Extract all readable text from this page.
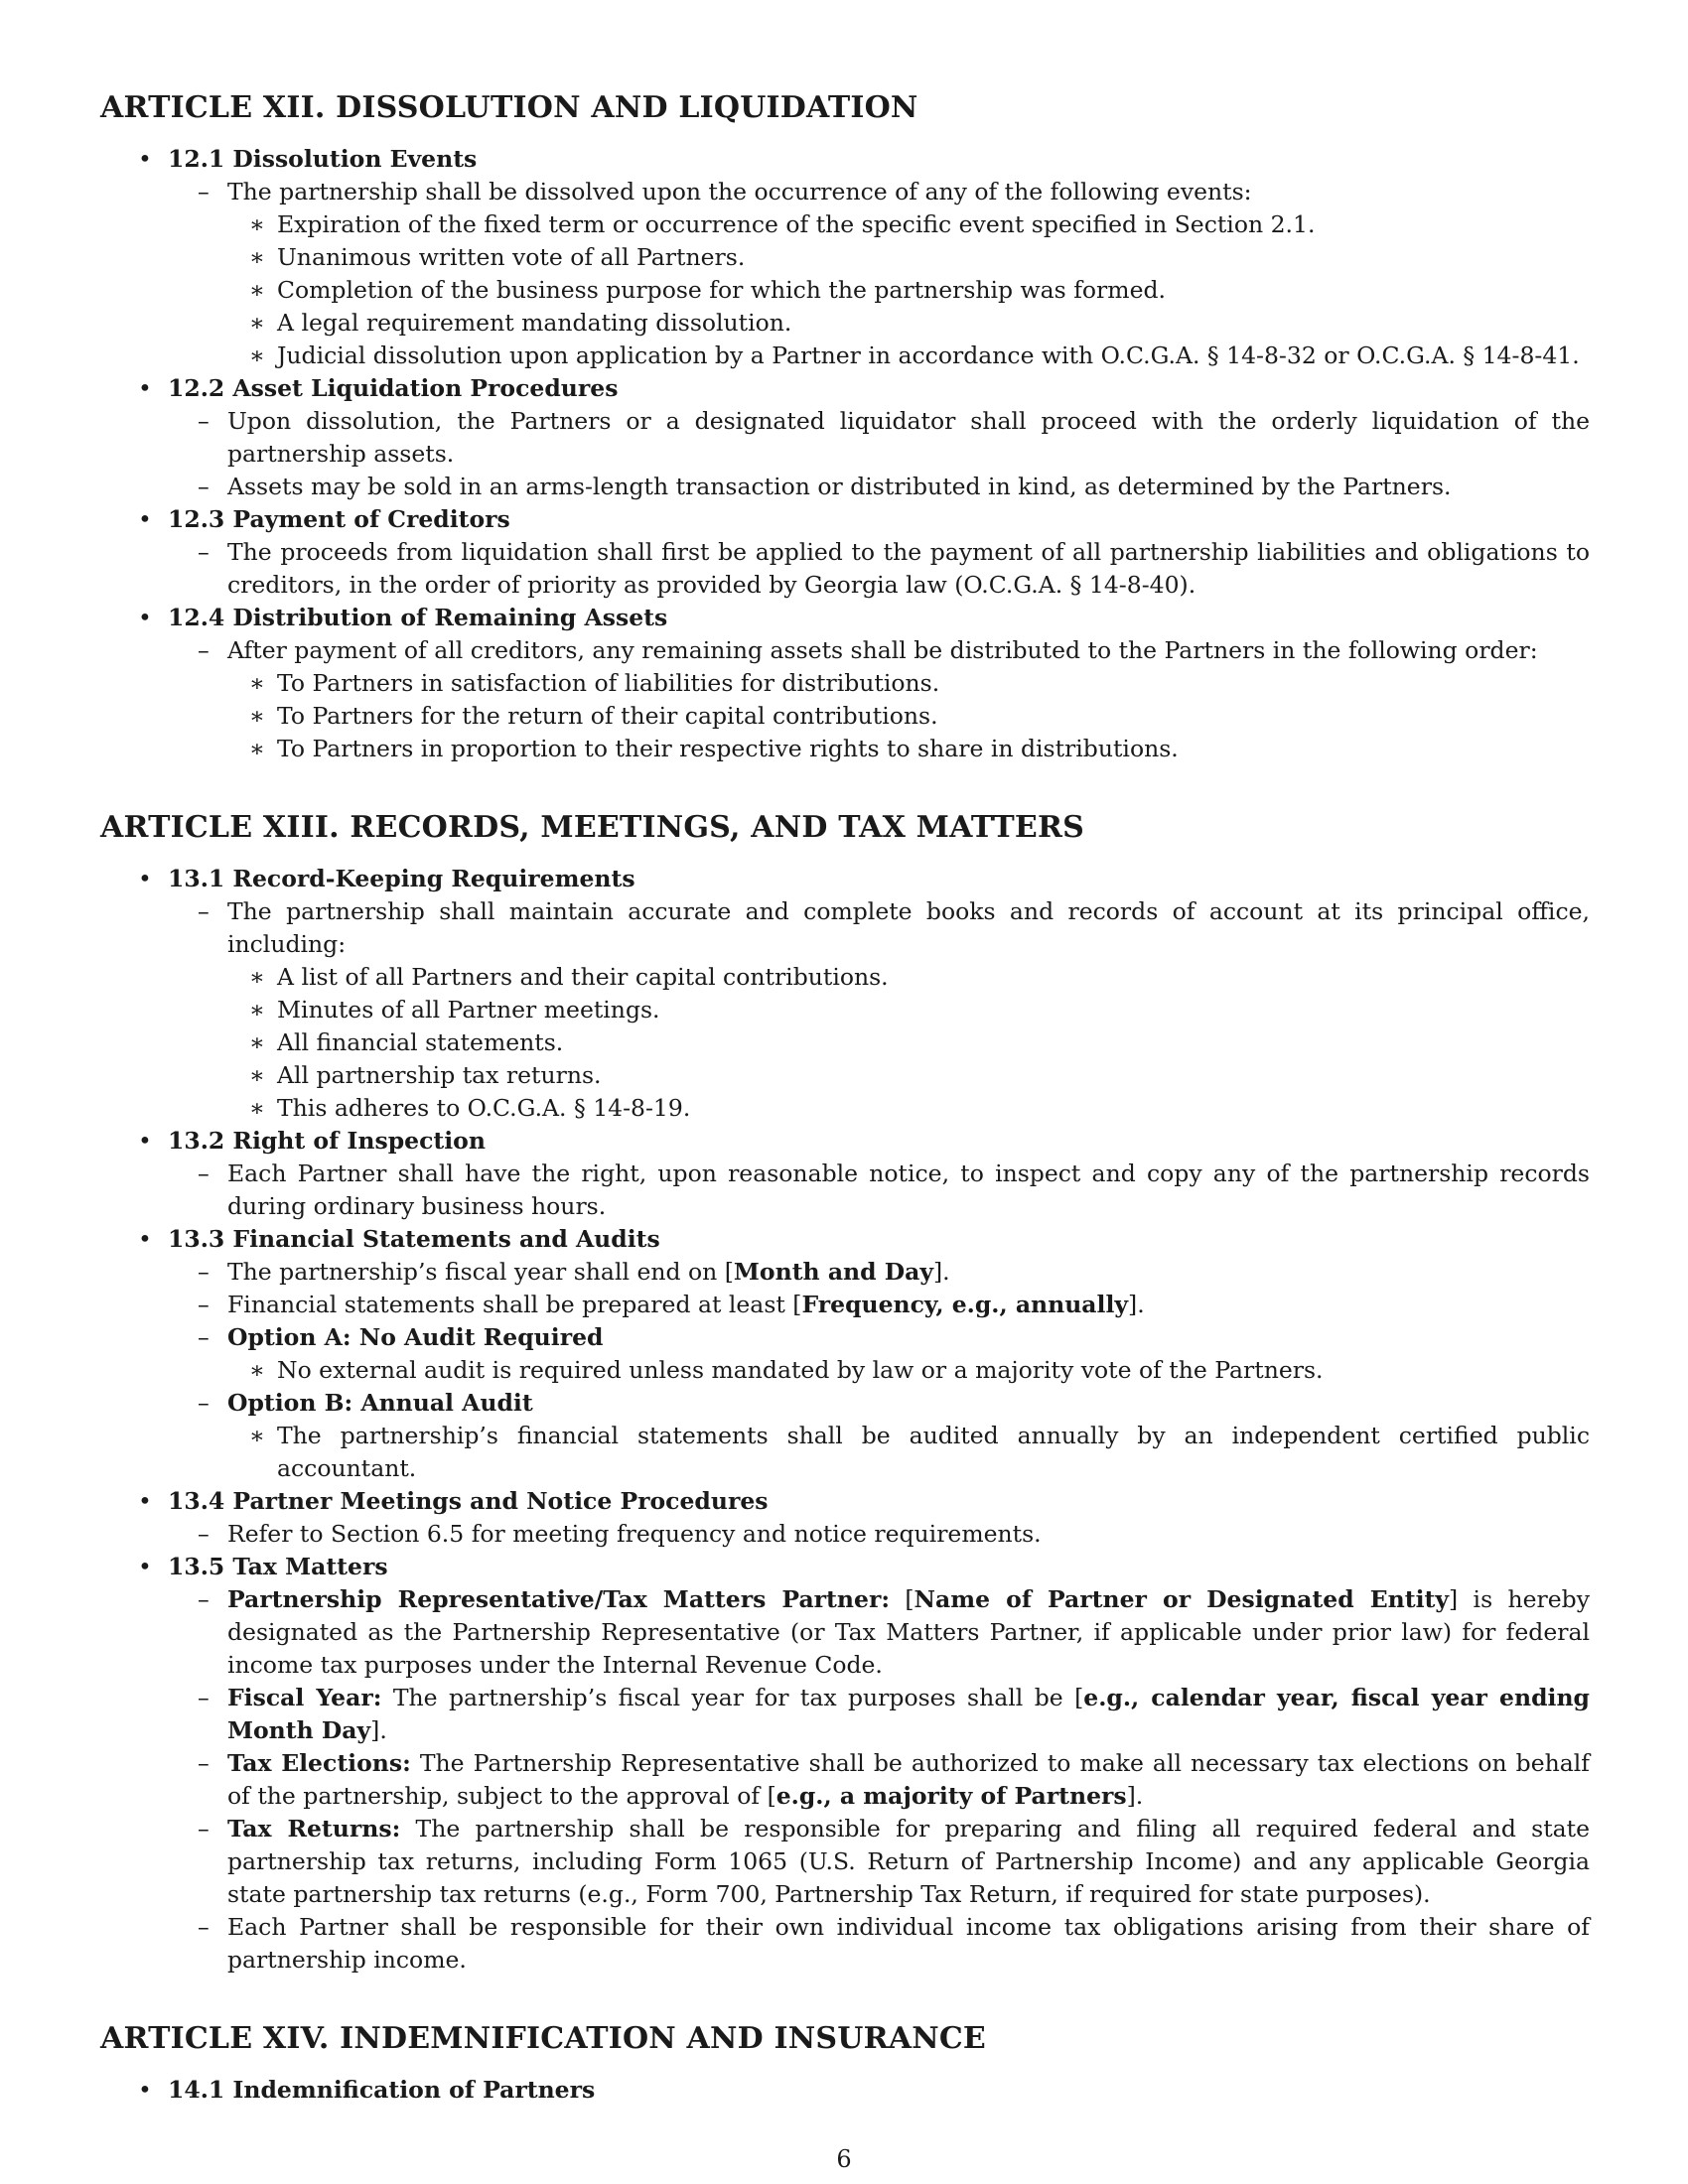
ARTICLE XII. DISSOLUTION AND LIQUIDATION
• 12.1 Dissolution Events
– The partnership shall be dissolved upon the occurrence of any of the following events:
∗ Expiration of the fixed term or occurrence of the specific event specified in Section 2.1.
∗ Unanimous written vote of all Partners.
∗ Completion of the business purpose for which the partnership was formed.
∗ A legal requirement mandating dissolution.
∗ Judicial dissolution upon application by a Partner in accordance with O.C.G.A. § 14-8-32 or O.C.G.A. § 14-8-41.
• 12.2 Asset Liquidation Procedures
– Upon dissolution, the Partners or a designated liquidator shall proceed with the orderly liquidation of the partnership assets.
– Assets may be sold in an arms-length transaction or distributed in kind, as determined by the Partners.
• 12.3 Payment of Creditors
– The proceeds from liquidation shall first be applied to the payment of all partnership liabilities and obligations to creditors, in the order of priority as provided by Georgia law (O.C.G.A. § 14-8-40).
• 12.4 Distribution of Remaining Assets
– After payment of all creditors, any remaining assets shall be distributed to the Partners in the following order:
∗ To Partners in satisfaction of liabilities for distributions.
∗ To Partners for the return of their capital contributions.
∗ To Partners in proportion to their respective rights to share in distributions.
ARTICLE XIII. RECORDS, MEETINGS, AND TAX MATTERS
• 13.1 Record-Keeping Requirements
– The partnership shall maintain accurate and complete books and records of account at its principal office, including:
∗ A list of all Partners and their capital contributions.
∗ Minutes of all Partner meetings.
∗ All financial statements.
∗ All partnership tax returns.
∗ This adheres to O.C.G.A. § 14-8-19.
• 13.2 Right of Inspection
– Each Partner shall have the right, upon reasonable notice, to inspect and copy any of the partnership records during ordinary business hours.
• 13.3 Financial Statements and Audits
– The partnership’s fiscal year shall end on [Month and Day].
– Financial statements shall be prepared at least [Frequency, e.g., annually].
– Option A: No Audit Required
∗ No external audit is required unless mandated by law or a majority vote of the Partners.
– Option B: Annual Audit
∗ The partnership’s financial statements shall be audited annually by an independent certified public accountant.
• 13.4 Partner Meetings and Notice Procedures
– Refer to Section 6.5 for meeting frequency and notice requirements.
• 13.5 Tax Matters
– Partnership Representative/Tax Matters Partner: [Name of Partner or Designated Entity] is hereby designated as the Partnership Representative (or Tax Matters Partner, if applicable under prior law) for federal income tax purposes under the Internal Revenue Code.
– Fiscal Year: The partnership’s fiscal year for tax purposes shall be [e.g., calendar year, fiscal year ending Month Day].
– Tax Elections: The Partnership Representative shall be authorized to make all necessary tax elections on behalf of the partnership, subject to the approval of [e.g., a majority of Partners].
– Tax Returns: The partnership shall be responsible for preparing and filing all required federal and state partnership tax returns, including Form 1065 (U.S. Return of Partnership Income) and any applicable Georgia state partnership tax returns (e.g., Form 700, Partnership Tax Return, if required for state purposes).
– Each Partner shall be responsible for their own individual income tax obligations arising from their share of partnership income.
ARTICLE XIV. INDEMNIFICATION AND INSURANCE
• 14.1 Indemnification of Partners
6
